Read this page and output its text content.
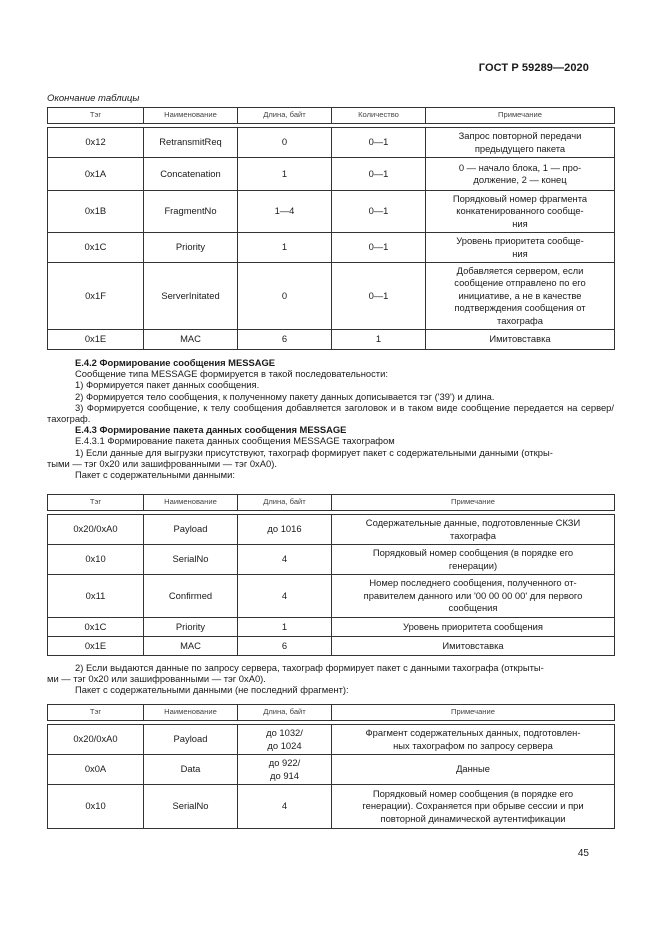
ГОСТ Р 59289—2020
Окончание таблицы
Тэг	Наименование	Длина, байт	Количество	Примечание

0x12	RetransmitReq	0	0—1	Запрос повторной передачи
предыдущего пакета
0x1A	Concatenation	1	0—1	0 — начало блока, 1 — про-
должение, 2 — конец
0x1B	FragmentNo	1—4	0—1	Порядковый номер фрагмента
конкатенированного сообще-
ния
0x1C	Priority	1	0—1	Уровень приоритета сообще-
ния
0x1F	ServerInitated	0	0—1	Добавляется сервером, если
сообщение отправлено по его
инициативе, а не в качестве
подтверждения сообщения от
тахографа
0x1E	MAC	6	1	Имитовставка

Е.4.2 Формирование сообщения MESSAGE

Сообщение типа MESSAGE формируется в такой последовательности:

1) Формируется пакет данных сообщения.

2) Формируется тело сообщения, к полученному пакету данных дописывается тэг ('39') и длина.

3) Формируется сообщение, к телу сообщения добавляется заголовок и в таком виде сообщение передается на сервер/тахограф.

Е.4.3 Формирование пакета данных сообщения MESSAGE

Е.4.3.1 Формирование пакета данных сообщения MESSAGE тахографом

1) Если данные для выгрузки присутствуют, тахограф формирует пакет с содержательными данными (откры-
тыми — тэг 0x20 или зашифрованными — тэг 0xA0).

Пакет с содержательными данными:

Тэг	Наименование	Длина, байт	Примечание

0x20/0xA0	Payload	до 1016	Содержательные данные, подготовленные СКЗИ
тахографа
0x10	SerialNo	4	Порядковый номер сообщения (в порядке его
генерации)
0x11	Confirmed	4	Номер последнего сообщения, полученного от-
правителем данного или '00 00 00 00' для первого
сообщения
0x1C	Priority	1	Уровень приоритета сообщения
0x1E	MAC	6	Имитовставка

2) Если выдаются данные по запросу сервера, тахограф формирует пакет с данными тахографа (открыты-
ми — тэг 0x20 или зашифрованными — тэг 0xA0).

Пакет с содержательными данными (не последний фрагмент):

Тэг	Наименование	Длина, байт	Примечание

0x20/0xA0	Payload	до 1032/
до 1024	Фрагмент содержательных данных, подготовлен-
ных тахографом по запросу сервера
0x0A	Data	до 922/
до 914	Данные
0x10	SerialNo	4	Порядковый номер сообщения (в порядке его
генерации). Сохраняется при обрыве сессии и при
повторной динамической аутентификации
45
